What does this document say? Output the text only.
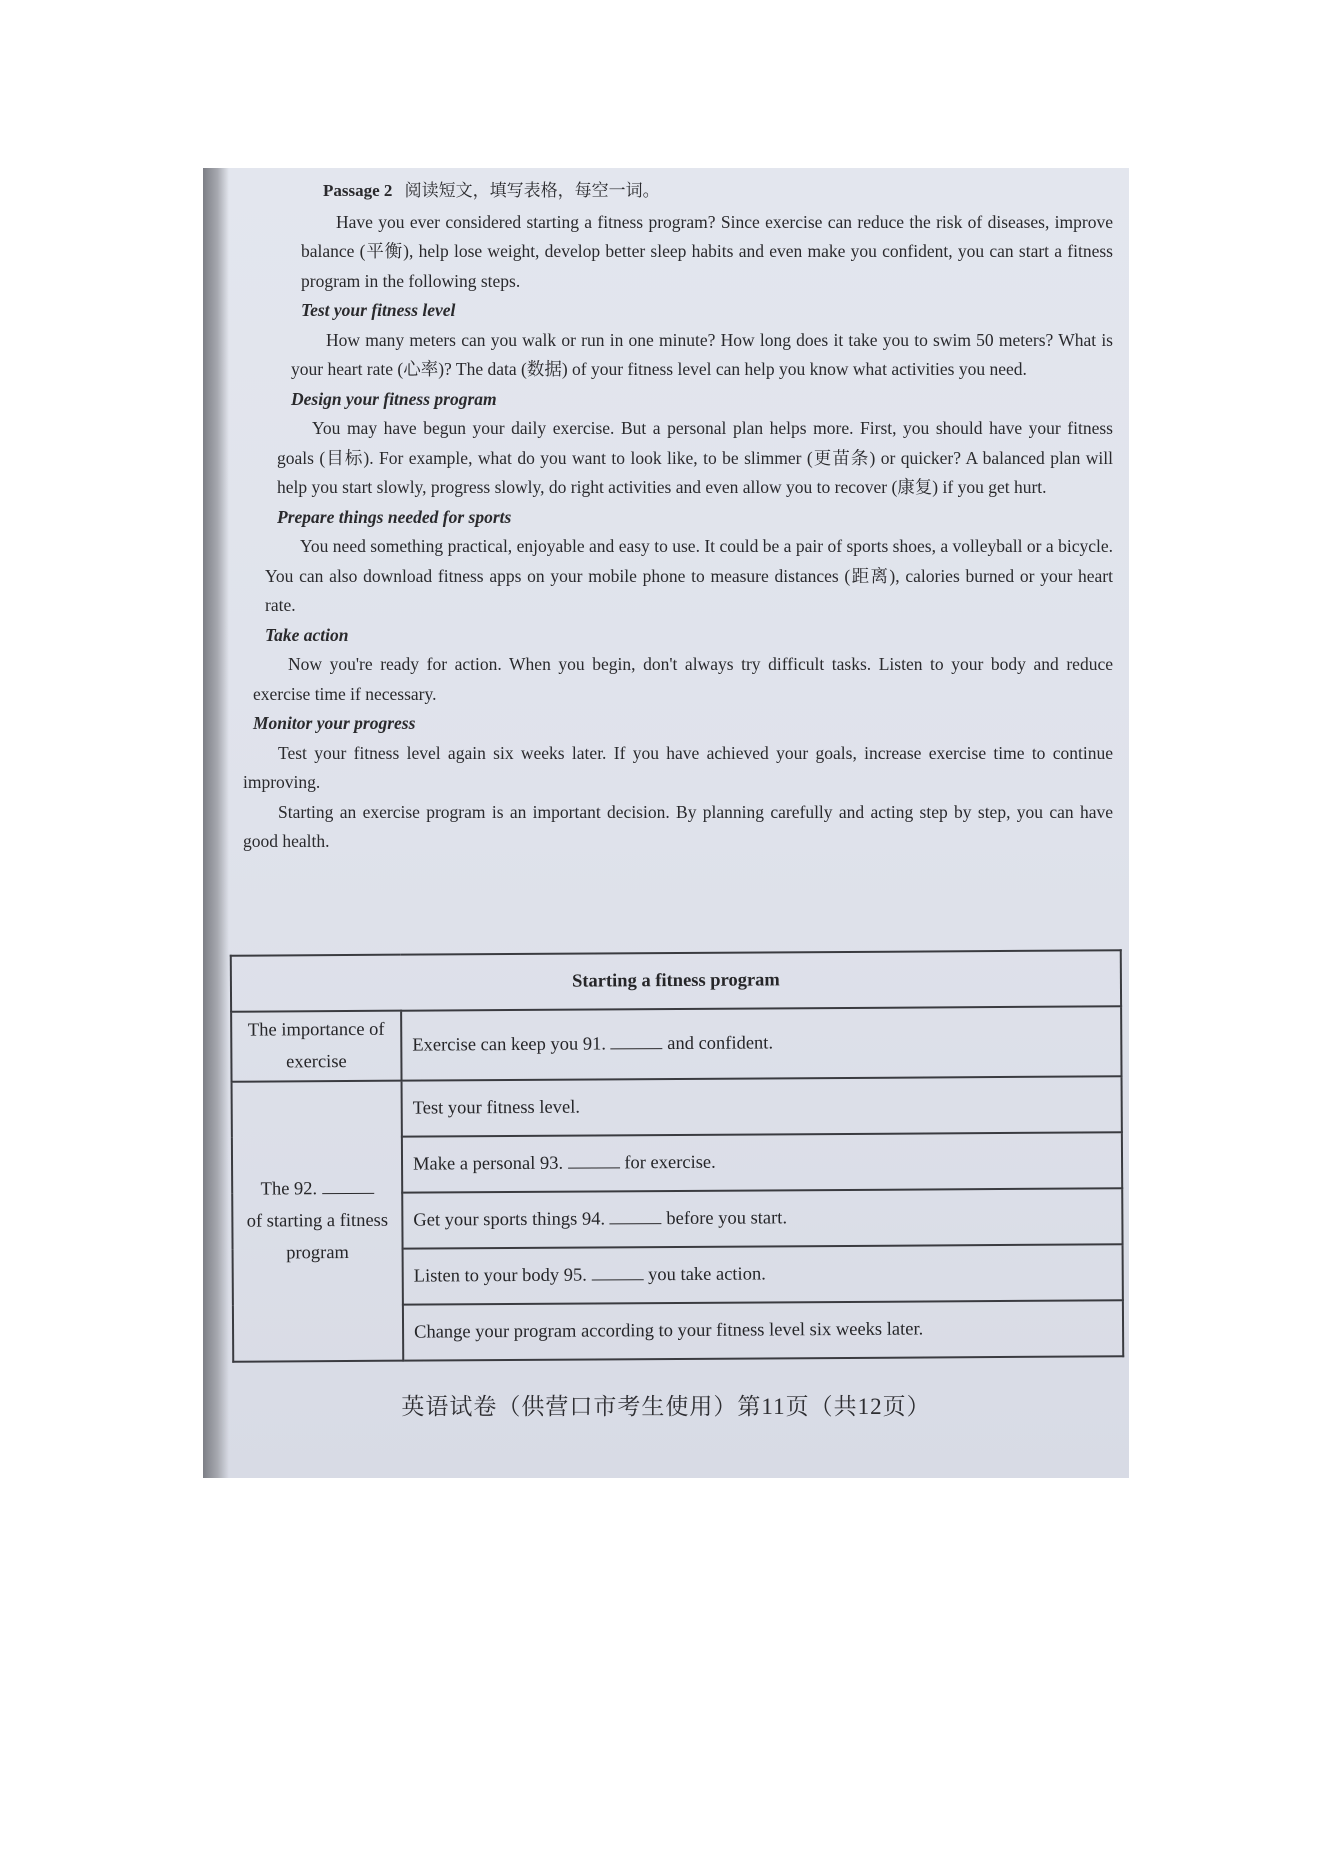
Passage 2 阅读短文，填写表格，每空一词。

Have you ever considered starting a fitness program? Since exercise can reduce the risk of diseases, improve balance (平衡), help lose weight, develop better sleep habits and even make you confident, you can start a fitness program in the following steps.

Test your fitness level

How many meters can you walk or run in one minute? How long does it take you to swim 50 meters? What is your heart rate (心率)? The data (数据) of your fitness level can help you know what activities you need.

Design your fitness program

You may have begun your daily exercise. But a personal plan helps more. First, you should have your fitness goals (目标). For example, what do you want to look like, to be slimmer (更苗条) or quicker? A balanced plan will help you start slowly, progress slowly, do right activities and even allow you to recover (康复) if you get hurt.

Prepare things needed for sports

You need something practical, enjoyable and easy to use. It could be a pair of sports shoes, a volleyball or a bicycle. You can also download fitness apps on your mobile phone to measure distances (距离), calories burned or your heart rate.

Take action

Now you're ready for action. When you begin, don't always try difficult tasks. Listen to your body and reduce exercise time if necessary.

Monitor your progress

Test your fitness level again six weeks later. If you have achieved your goals, increase exercise time to continue improving.

Starting an exercise program is an important decision. By planning carefully and acting step by step, you can have good health.

Starting a fitness program	
The importance of exercise	Exercise can keep you 91. and confident.
The 92.
of starting a fitness program	Test your fitness level.
	Make a personal 93. for exercise.
	Get your sports things 94. before you start.
	Listen to your body 95. you take action.
	Change your program according to your fitness level six weeks later.
英语试卷（供营口市考生使用）第11页（共12页）
